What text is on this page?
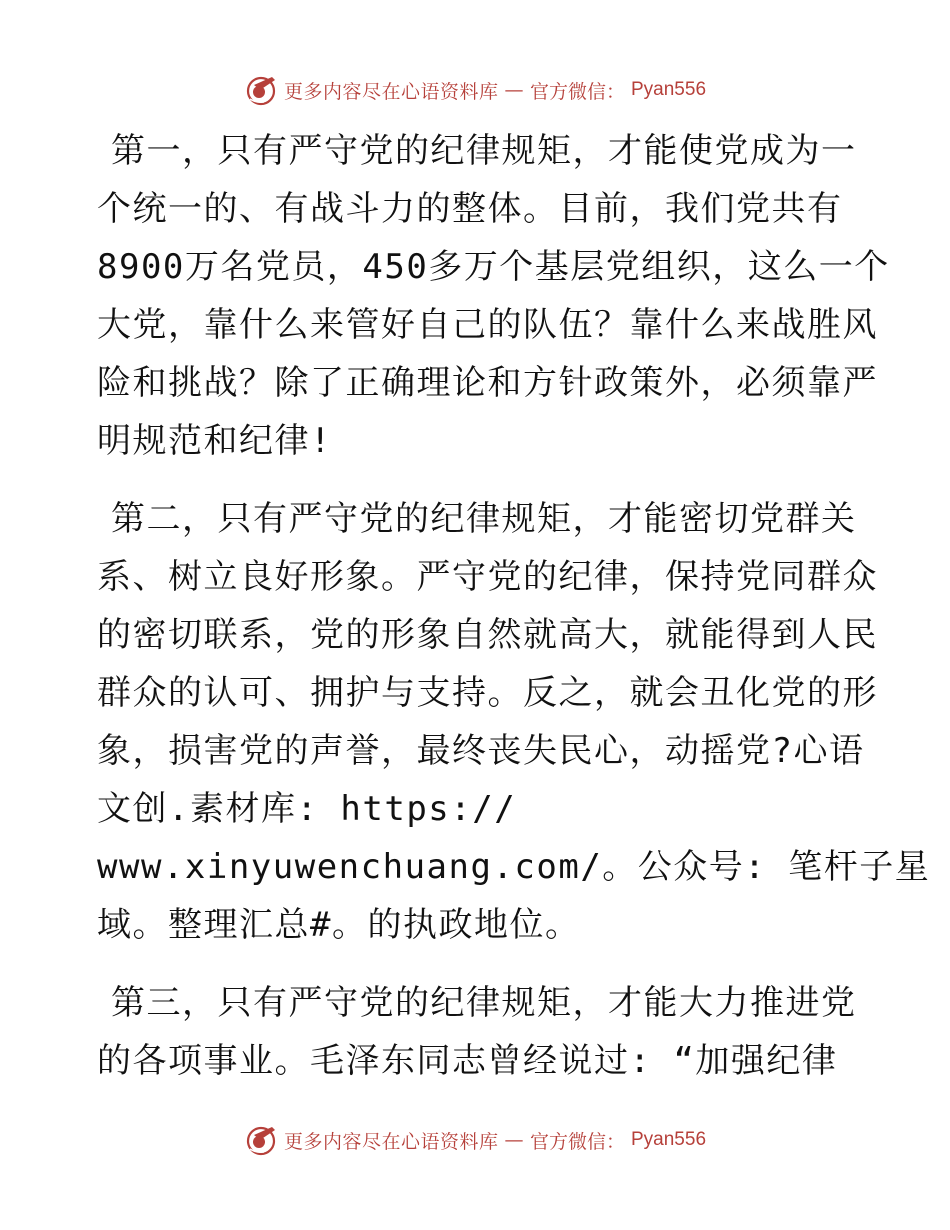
更多内容尽在心语资料库 — 官方微信： Pyan556

第一，只有严守党的纪律规矩，才能使党成为一
个统一的、有战斗力的整体。目前，我们党共有
8900万名党员，450多万个基层党组织，这么一个
大党，靠什么来管好自己的队伍？靠什么来战胜风
险和挑战？除了正确理论和方针政策外，必须靠严
明规范和纪律!

第二，只有严守党的纪律规矩，才能密切党群关
系、树立良好形象。严守党的纪律，保持党同群众
的密切联系，党的形象自然就高大，就能得到人民
群众的认可、拥护与支持。反之，就会丑化党的形
象，损害党的声誉，最终丧失民心，动摇党?心语
文创.素材库: https://
www.xinyuwenchuang.com/。公众号: 笔杆子星
域。整理汇总#。的执政地位。

第三，只有严守党的纪律规矩，才能大力推进党
的各项事业。毛泽东同志曾经说过: “加强纪律

更多内容尽在心语资料库 — 官方微信： Pyan556
